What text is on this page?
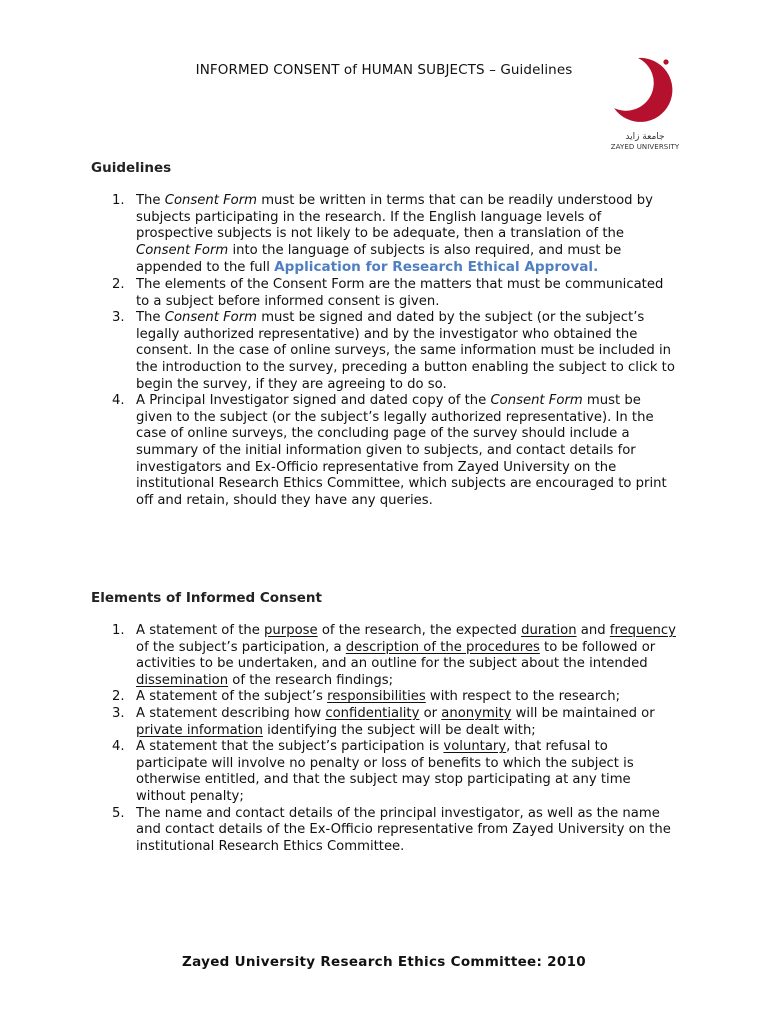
INFORMED CONSENT of HUMAN SUBJECTS – Guidelines
جامعة زايد
ZAYED UNIVERSITY
Guidelines
1. The Consent Form must be written in terms that can be readily understood by subjects participating in the research. If the English language levels of prospective subjects is not likely to be adequate, then a translation of the Consent Form into the language of subjects is also required, and must be appended to the full Application for Research Ethical Approval.
2. The elements of the Consent Form are the matters that must be communicated to a subject before informed consent is given.
3. The Consent Form must be signed and dated by the subject (or the subject’s legally authorized representative) and by the investigator who obtained the consent. In the case of online surveys, the same information must be included in the introduction to the survey, preceding a button enabling the subject to click to begin the survey, if they are agreeing to do so.
4. A Principal Investigator signed and dated copy of the Consent Form must be given to the subject (or the subject’s legally authorized representative). In the case of online surveys, the concluding page of the survey should include a summary of the initial information given to subjects, and contact details for investigators and Ex-Officio representative from Zayed University on the institutional Research Ethics Committee, which subjects are encouraged to print off and retain, should they have any queries.
Elements of Informed Consent
1. A statement of the purpose of the research, the expected duration and frequency of the subject’s participation, a description of the procedures to be followed or activities to be undertaken, and an outline for the subject about the intended dissemination of the research findings;
2. A statement of the subject’s responsibilities with respect to the research;
3. A statement describing how confidentiality or anonymity will be maintained or private information identifying the subject will be dealt with;
4. A statement that the subject’s participation is voluntary, that refusal to participate will involve no penalty or loss of benefits to which the subject is otherwise entitled, and that the subject may stop participating at any time without penalty;
5. The name and contact details of the principal investigator, as well as the name and contact details of the Ex-Officio representative from Zayed University on the institutional Research Ethics Committee.
Zayed University Research Ethics Committee: 2010
